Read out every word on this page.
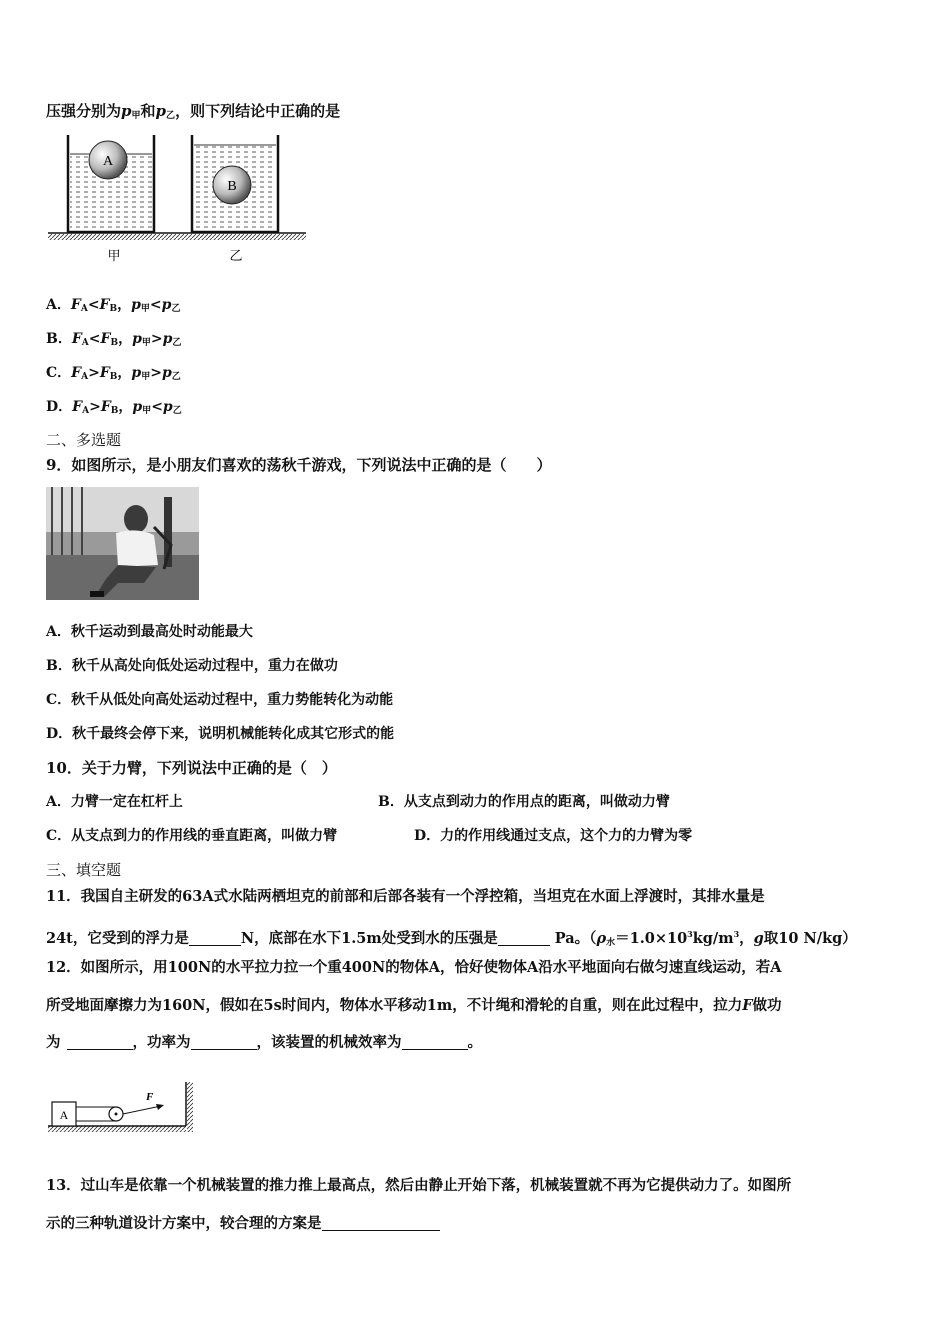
压强分别为$p_甲$和$p_乙$，则下列结论中正确的是
A
B
甲	乙
A．$F_A<F_B$，$p_甲<p_乙$
B．$F_A<F_B$，$p_甲>p_乙$
C．$F_A>F_B$，$p_甲>p_乙$
D．$F_A>F_B$，$p_甲<p_乙$
二、多选题
9．如图所示，是小朋友们喜欢的荡秋千游戏，下列说法中正确的是（　　）
A．秋千运动到最高处时动能最大
B．秋千从高处向低处运动过程中，重力在做功
C．秋千从低处向高处运动过程中，重力势能转化为动能
D．秋千最终会停下来，说明机械能转化成其它形式的能
10．关于力臂，下列说法中正确的是（　）
A．力臂一定在杠杆上	B．从支点到动力的作用点的距离，叫做动力臂
C．从支点到力的作用线的垂直距离，叫做力臂	D．力的作用线通过支点，这个力的力臂为零
三、填空题
11．我国自主研发的63A式水陆两栖坦克的前部和后部各装有一个浮控箱，当坦克在水面上浮渡时，其排水量是
24t，它受到的浮力是	N，底部在水下1.5m处受到水的压强是	Pa。（$\rho_水=1.0\times 10^3kg/m^3$，g取10 N/kg）
12．如图所示，用100N的水平拉力拉一个重400N的物体A，恰好使物体A沿水平地面向右做匀速直线运动，若A
所受地面摩擦力为160N，假如在5s时间内，物体水平移动1m，不计绳和滑轮的自重，则在此过程中，拉力F做功
为	，功率为	，该装置的机械效率为	。
A
F
13．过山车是依靠一个机械装置的推力推上最高点，然后由静止开始下落，机械装置就不再为它提供动力了。如图所
示的三种轨道设计方案中，较合理的方案是
